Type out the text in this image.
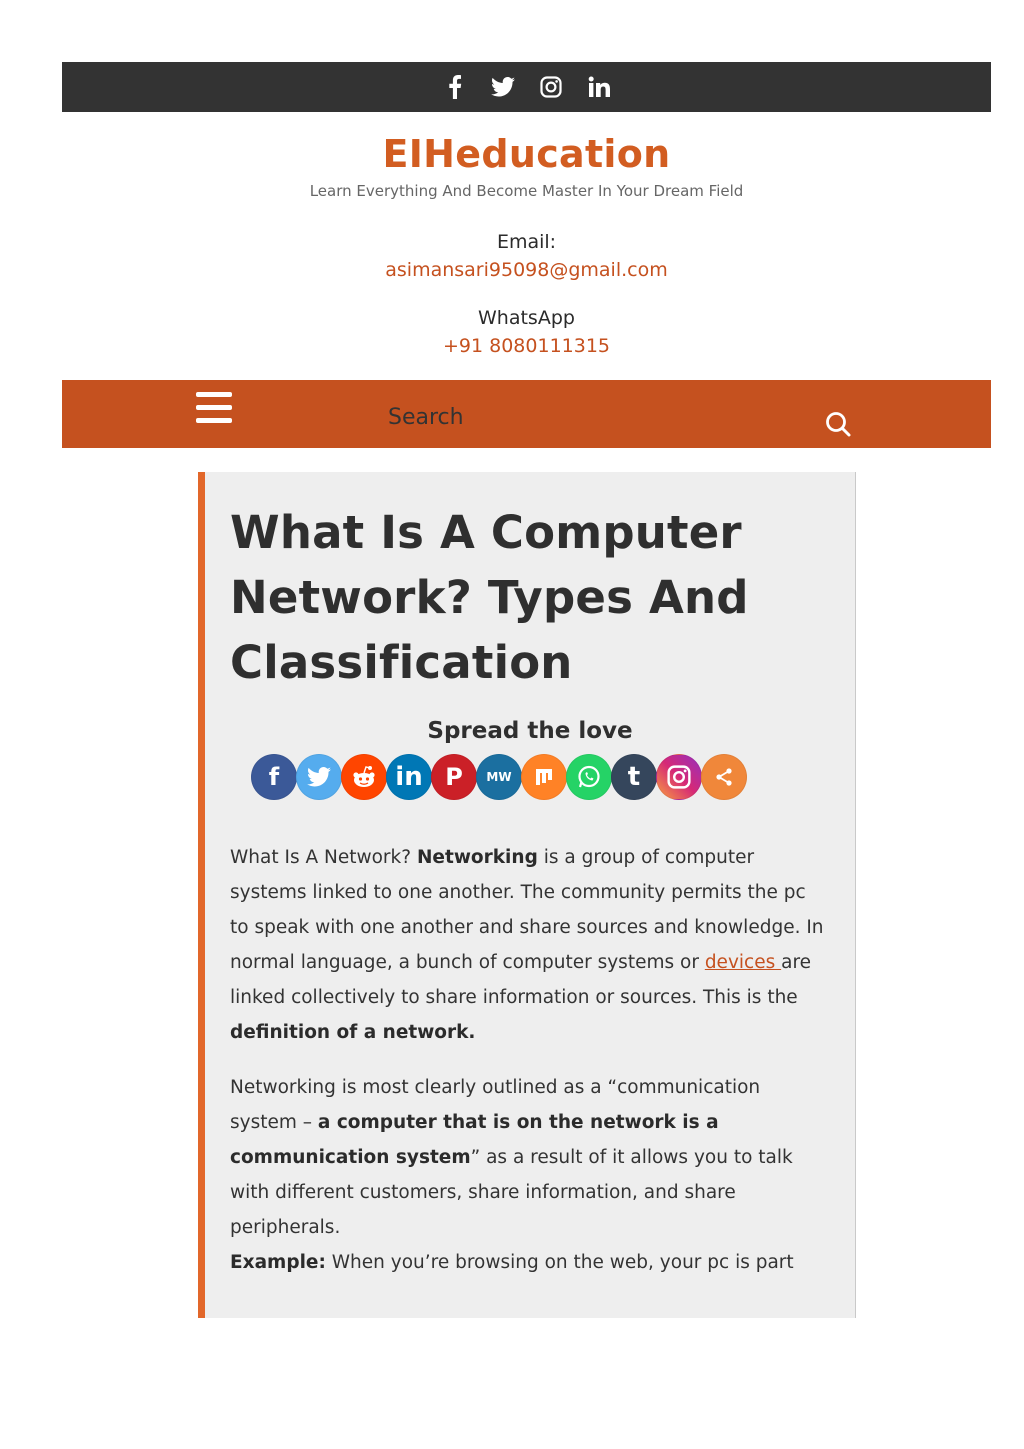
EIHeducation
Learn Everything And Become Master In Your Dream Field
Email:
asimansari95098@gmail.com
WhatsApp
+91 8080111315
Search
What Is A Computer Network? Types And Classification
Spread the love
f	in P	MW	t

What Is A Network? Networking is a group of computer systems linked to one another. The community permits the pc to speak with one another and share sources and knowledge. In normal language, a bunch of computer systems or devices are linked collectively to share information or sources. This is the definition of a network.

Networking is most clearly outlined as a “communication system – a computer that is on the network is a communication system” as a result of it allows you to talk with different customers, share information, and share peripherals.
Example: When you’re browsing on the web, your pc is part
